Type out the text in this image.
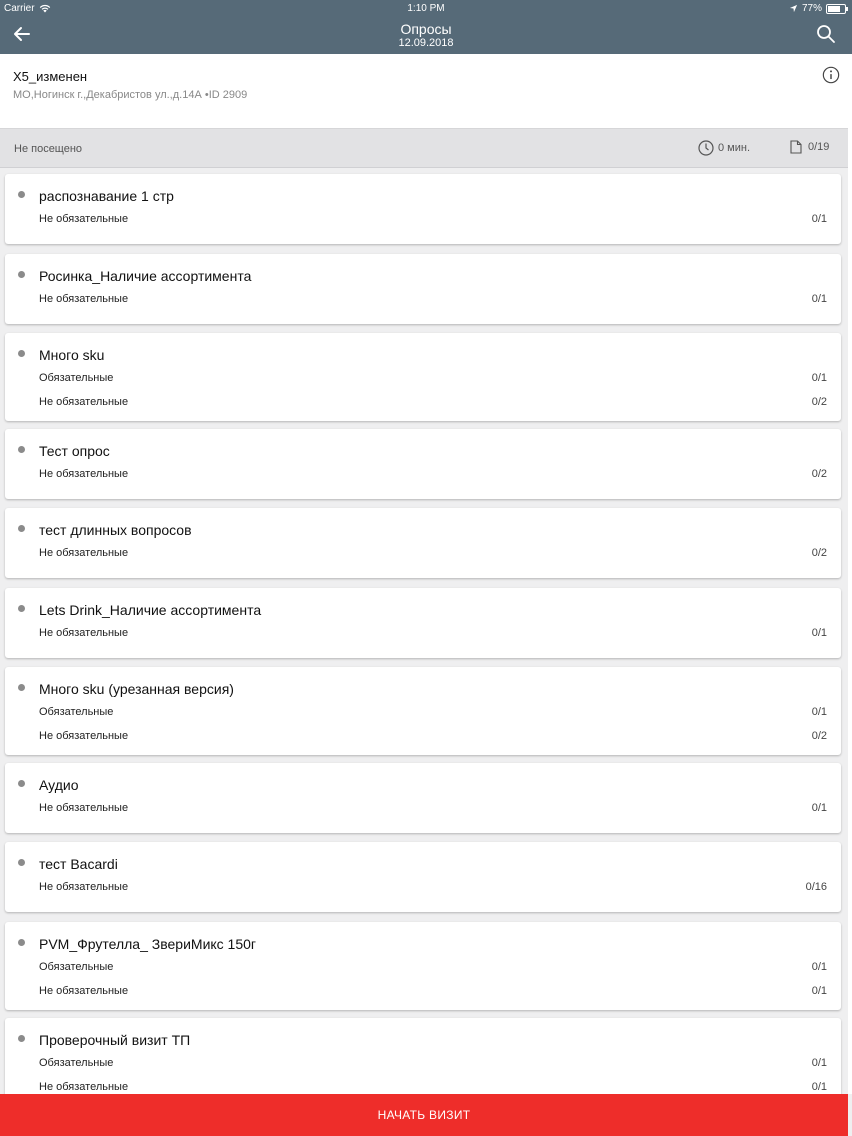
Carrier	1:10 PM	77%
Опросы
12.09.2018
X5_изменен
МО,Ногинск г.,Декабристов ул.,д.14А •ID 2909
Не посещено	0 мин.	0/19
распознавание 1 стр
Не обязательные	0/1
Росинка_Наличие ассортимента
Не обязательные	0/1
Много sku
Обязательные	0/1
Не обязательные	0/2
Тест опрос
Не обязательные	0/2
тест длинных вопросов
Не обязательные	0/2
Lets Drink_Наличие ассортимента
Не обязательные	0/1
Много sku (урезанная версия)
Обязательные	0/1
Не обязательные	0/2
Аудио
Не обязательные	0/1
тест Bacardi
Не обязательные	0/16
PVM_Фрутелла_ ЗвериМикс 150г
Обязательные	0/1
Не обязательные	0/1
Проверочный визит ТП
Обязательные	0/1
Не обязательные	0/1
НАЧАТЬ ВИЗИТ
